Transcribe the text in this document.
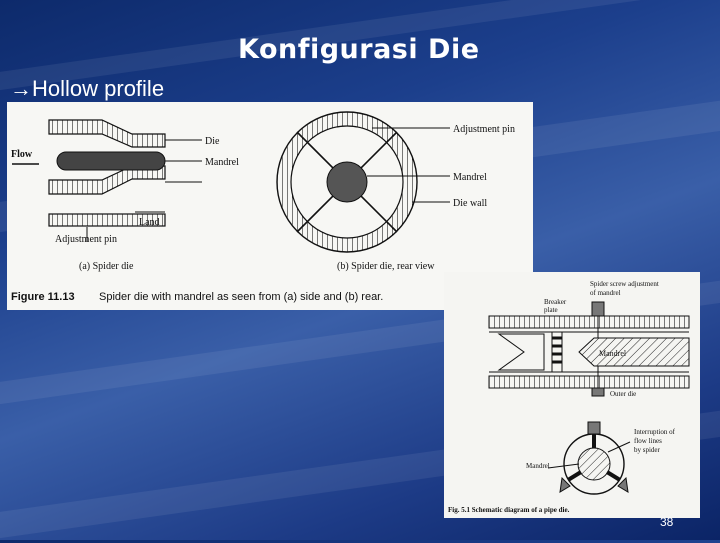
Konfigurasi Die
→Hollow profile
Die
Flow
Mandrel
Land
Adjustment pin
(a) Spider die
Adjustment pin
Mandrel
Die wall
(b) Spider die, rear view
Figure 11.13 Spider die with mandrel as seen from (a) side and (b) rear.
Spider screw adjustment
of mandrel
Breaker
plate
Mandrel
Outer die
Interruption of
flow lines
by spider
Mandrel
Fig. 5.1 Schematic diagram of a pipe die.
38
